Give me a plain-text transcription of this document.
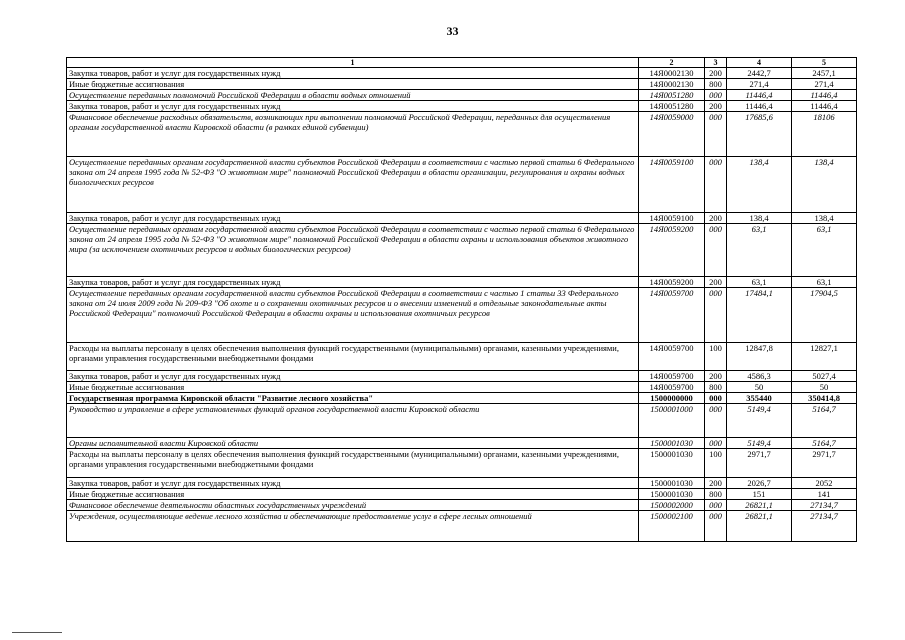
33
1	2	3	4	5
Закупка товаров, работ и услуг для государственных нужд	14Я0002130	200	2442,7	2457,1
Иные бюджетные ассигнования	14Я0002130	800	271,4	271,4
Осуществление переданных полномочий Российской Федерации в области водных отношений	14Я0051280	000	11446,4	11446,4
Закупка товаров, работ и услуг для государственных нужд	14Я0051280	200	11446,4	11446,4
Финансовое обеспечение расходных обязательств, возникающих при выполнении полномочий Российской Федерации, переданных для осуществления органам государственной власти Кировской области (в рамках единой субвенции)	14Я0059000	000	17685,6	18106
Осуществление переданных органам государственной власти субъектов Российской Федерации в соответствии с частью первой статьи 6 Федерального закона от 24 апреля 1995 года № 52-ФЗ "О животном мире" полномочий Российской Федерации в области организации, регулирования и охраны водных биологических ресурсов	14Я0059100	000	138,4	138,4
Закупка товаров, работ и услуг для государственных нужд	14Я0059100	200	138,4	138,4
Осуществление переданных органам государственной власти субъектов Российской Федерации в соответствии с частью первой статьи 6 Федерального закона от 24 апреля 1995 года № 52-ФЗ "О животном мире" полномочий Российской Федерации в области охраны и использования объектов животного мира (за исключением охотничьих ресурсов и водных биологических ресурсов)	14Я0059200	000	63,1	63,1
Закупка товаров, работ и услуг для государственных нужд	14Я0059200	200	63,1	63,1
Осуществление переданных органам государственной власти субъектов Российской Федерации в соответствии с частью 1 статьи 33 Федерального закона от 24 июля 2009 года № 209-ФЗ "Об охоте и о сохранении охотничьих ресурсов и о внесении изменений в отдельные законодательные акты Российской Федерации" полномочий Российской Федерации в области охраны и использования охотничьих ресурсов	14Я0059700	000	17484,1	17904,5
Расходы на выплаты персоналу в целях обеспечения выполнения функций государственными (муниципальными) органами, казенными учреждениями, органами управления государственными внебюджетными фондами	14Я0059700	100	12847,8	12827,1
Закупка товаров, работ и услуг для государственных нужд	14Я0059700	200	4586,3	5027,4
Иные бюджетные ассигнования	14Я0059700	800	50	50
Государственная программа Кировской области "Развитие лесного хозяйства"	1500000000	000	355440	350414,8
Руководство и управление в сфере установленных функций органов государственной власти Кировской области	1500001000	000	5149,4	5164,7
Органы исполнительной власти Кировской области	1500001030	000	5149,4	5164,7
Расходы на выплаты персоналу в целях обеспечения выполнения функций государственными (муниципальными) органами, казенными учреждениями, органами управления государственными внебюджетными фондами	1500001030	100	2971,7	2971,7
Закупка товаров, работ и услуг для государственных нужд	1500001030	200	2026,7	2052
Иные бюджетные ассигнования	1500001030	800	151	141
Финансовое обеспечение деятельности областных государственных учреждений	1500002000	000	26821,1	27134,7
Учреждения, осуществляющие ведение лесного хозяйства и обеспечивающие предоставление услуг в сфере лесных отношений	1500002100	000	26821,1	27134,7
